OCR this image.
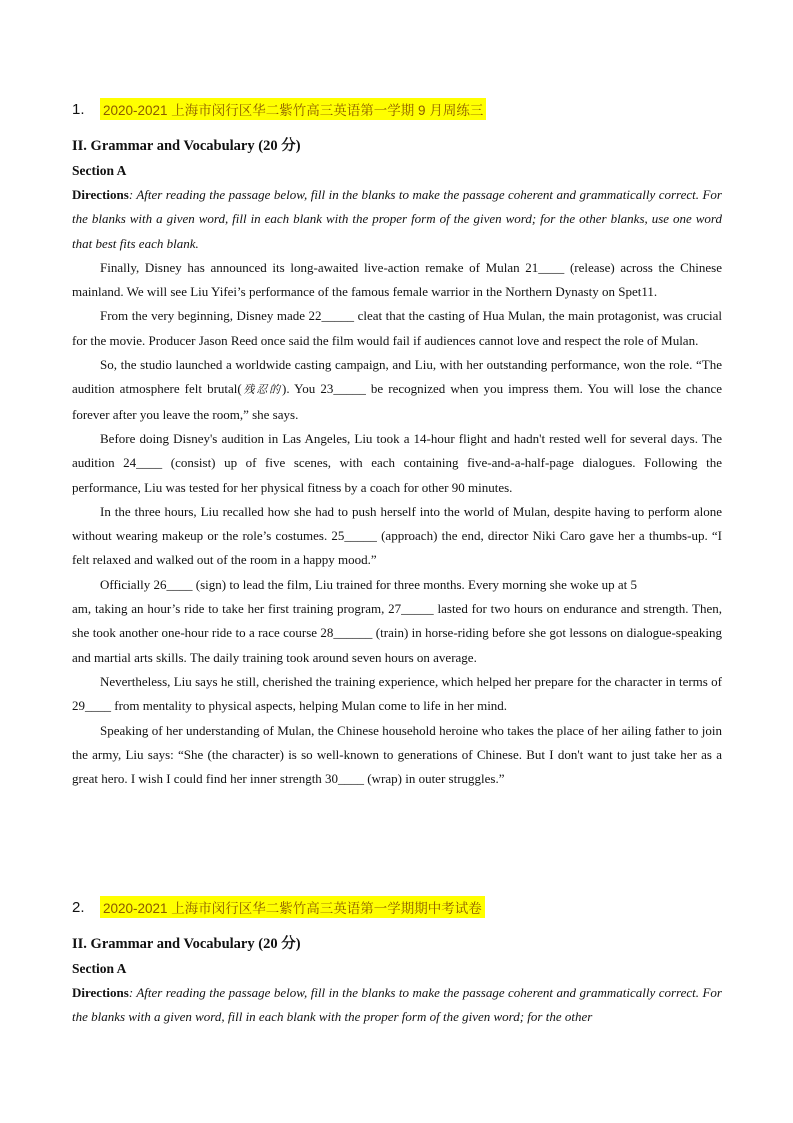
1.	2020-2021 上海市闵行区华二紫竹高三英语第一学期 9 月周练三
II. Grammar and Vocabulary (20 分)
Section A

Directions: After reading the passage below, fill in the blanks to make the passage coherent and grammatically correct. For the blanks with a given word, fill in each blank with the proper form of the given word; for the other blanks, use one word that best fits each blank.

Finally, Disney has announced its long-awaited live-action remake of Mulan 21____ (release) across the Chinese mainland. We will see Liu Yifei’s performance of the famous female warrior in the Northern Dynasty on Spet11.

From the very beginning, Disney made 22_____ cleat that the casting of Hua Mulan, the main protagonist, was crucial for the movie. Producer Jason Reed once said the film would fail if audiences cannot love and respect the role of Mulan.

So, the studio launched a worldwide casting campaign, and Liu, with her outstanding performance, won the role. “The audition atmosphere felt brutal(残忍的). You 23_____ be recognized when you impress them. You will lose the chance forever after you leave the room,” she says.

Before doing Disney's audition in Las Angeles, Liu took a 14-hour flight and hadn't rested well for several days. The audition 24____ (consist) up of five scenes, with each containing five-and-a-half-page dialogues. Following the performance, Liu was tested for her physical fitness by a coach for other 90 minutes.

In the three hours, Liu recalled how she had to push herself into the world of Mulan, despite having to perform alone without wearing makeup or the role’s costumes. 25_____ (approach) the end, director Niki Caro gave her a thumbs-up. “I felt relaxed and walked out of the room in a happy mood.”

Officially 26____ (sign) to lead the film, Liu trained for three months. Every morning she woke up at 5

am, taking an hour’s ride to take her first training program, 27_____ lasted for two hours on endurance and strength. Then, she took another one-hour ride to a race course 28______ (train) in horse-riding before she got lessons on dialogue-speaking and martial arts skills. The daily training took around seven hours on average.

Nevertheless, Liu says he still, cherished the training experience, which helped her prepare for the character in terms of 29____ from mentality to physical aspects, helping Mulan come to life in her mind.

Speaking of her understanding of Mulan, the Chinese household heroine who takes the place of her ailing father to join the army, Liu says: “She (the character) is so well-known to generations of Chinese. But I don't want to just take her as a great hero. I wish I could find her inner strength 30____ (wrap) in outer struggles.”

2.	2020-2021 上海市闵行区华二紫竹高三英语第一学期期中考试卷
II. Grammar and Vocabulary (20 分)
Section A

Directions: After reading the passage below, fill in the blanks to make the passage coherent and grammatically correct. For the blanks with a given word, fill in each blank with the proper form of the given word; for the other
